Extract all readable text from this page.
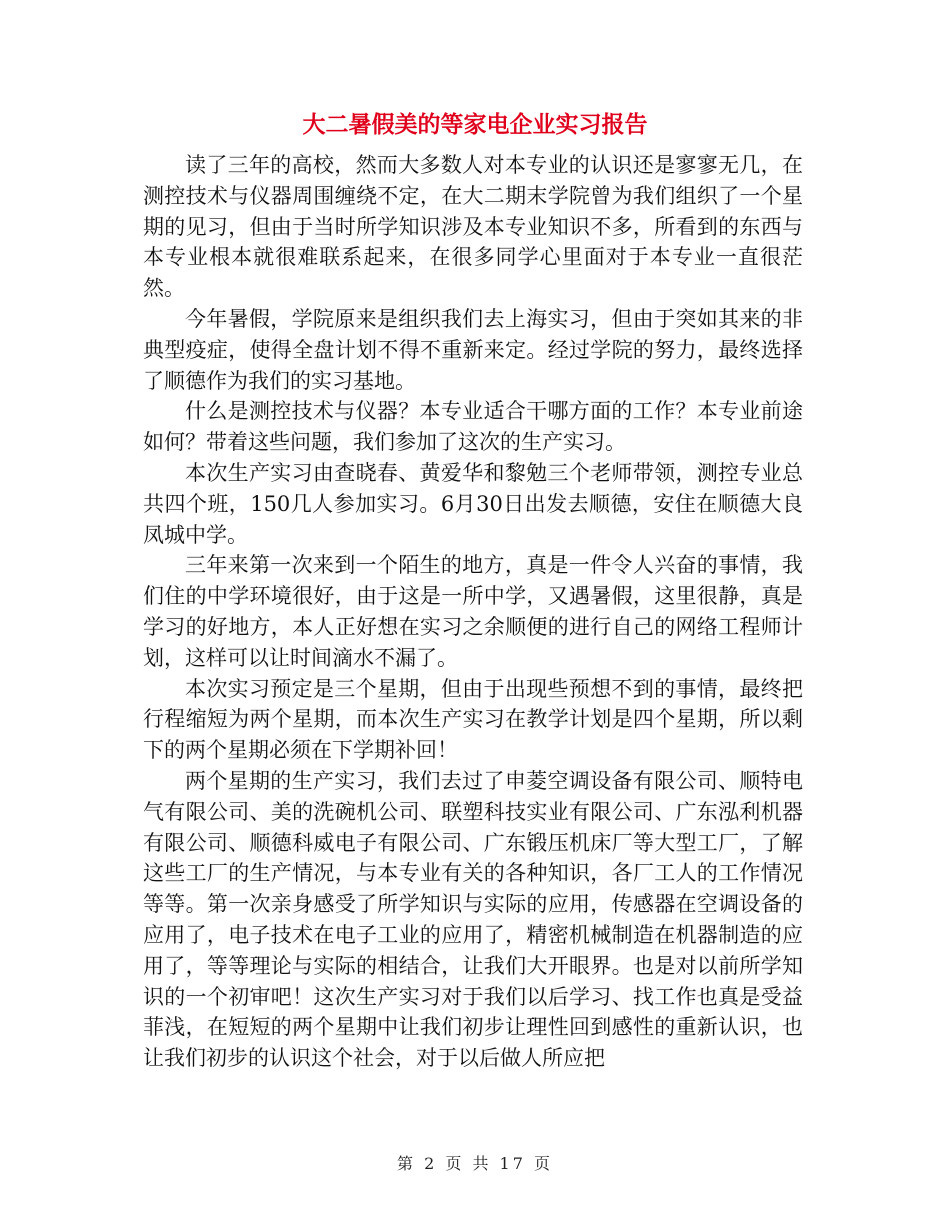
大二暑假美的等家电企业实习报告

读了三年的高校，然而大多数人对本专业的认识还是寥寥无几，在测控技术与仪器周围缠绕不定，在大二期末学院曾为我们组织了一个星期的见习，但由于当时所学知识涉及本专业知识不多，所看到的东西与本专业根本就很难联系起来，在很多同学心里面对于本专业一直很茫然。

今年暑假，学院原来是组织我们去上海实习，但由于突如其来的非典型疫症，使得全盘计划不得不重新来定。经过学院的努力，最终选择了顺德作为我们的实习基地。

什么是测控技术与仪器？本专业适合干哪方面的工作？本专业前途如何？带着这些问题，我们参加了这次的生产实习。

本次生产实习由查晓春、黄爱华和黎勉三个老师带领，测控专业总共四个班，150几人参加实习。6月30日出发去顺德，安住在顺德大良凤城中学。

三年来第一次来到一个陌生的地方，真是一件令人兴奋的事情，我们住的中学环境很好，由于这是一所中学，又遇暑假，这里很静，真是学习的好地方，本人正好想在实习之余顺便的进行自己的网络工程师计划，这样可以让时间滴水不漏了。

本次实习预定是三个星期，但由于出现些预想不到的事情，最终把行程缩短为两个星期，而本次生产实习在教学计划是四个星期，所以剩下的两个星期必须在下学期补回！

两个星期的生产实习，我们去过了申菱空调设备有限公司、顺特电气有限公司、美的洗碗机公司、联塑科技实业有限公司、广东泓利机器有限公司、顺德科威电子有限公司、广东锻压机床厂等大型工厂，了解这些工厂的生产情况，与本专业有关的各种知识，各厂工人的工作情况等等。第一次亲身感受了所学知识与实际的应用，传感器在空调设备的应用了，电子技术在电子工业的应用了，精密机械制造在机器制造的应用了，等等理论与实际的相结合，让我们大开眼界。也是对以前所学知识的一个初审吧！这次生产实习对于我们以后学习、找工作也真是受益菲浅，在短短的两个星期中让我们初步让理性回到感性的重新认识，也让我们初步的认识这个社会，对于以后做人所应把

第 2 页 共 17 页
